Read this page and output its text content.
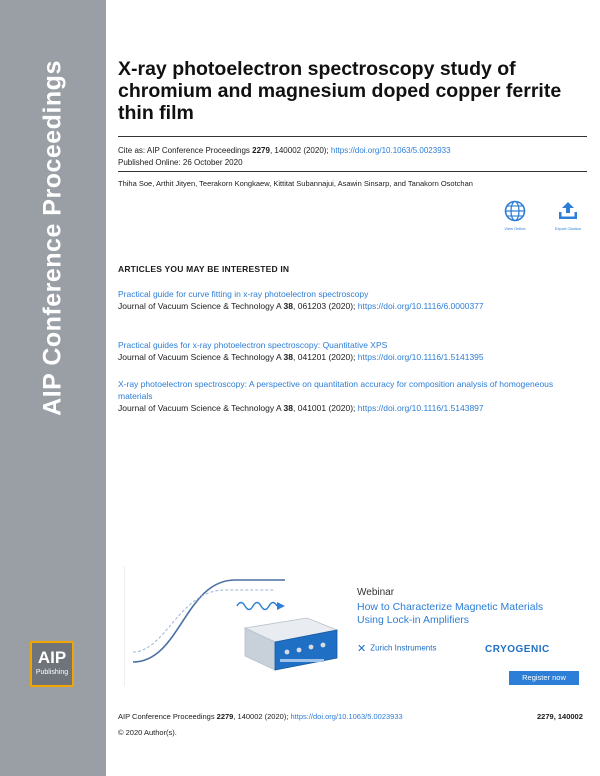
AIP Conference Proceedings
AIP
Publishing
X-ray photoelectron spectroscopy study of chromium and magnesium doped copper ferrite thin film
Cite as: AIP Conference Proceedings 2279, 140002 (2020); https://doi.org/10.1063/5.0023933
Published Online: 26 October 2020
Thiha Soe, Arthit Jityen, Teerakorn Kongkaew, Kittitat Subannajui, Asawin Sinsarp, and Tanakorn Osotchan
View Online	Export Citation
ARTICLES YOU MAY BE INTERESTED IN
Practical guide for curve fitting in x-ray photoelectron spectroscopy
Journal of Vacuum Science & Technology A 38, 061203 (2020); https://doi.org/10.1116/6.0000377
Practical guides for x-ray photoelectron spectroscopy: Quantitative XPS
Journal of Vacuum Science & Technology A 38, 041201 (2020); https://doi.org/10.1116/1.5141395
X-ray photoelectron spectroscopy: A perspective on quantitation accuracy for composition analysis of homogeneous materials
Journal of Vacuum Science & Technology A 38, 041001 (2020); https://doi.org/10.1116/1.5143897
Webinar
How to Characterize Magnetic Materials Using Lock-in Amplifiers
✕ Zurich Instruments	CRYOGENIC
Register now
AIP Conference Proceedings 2279, 140002 (2020); https://doi.org/10.1063/5.0023933	2279, 140002
© 2020 Author(s).
